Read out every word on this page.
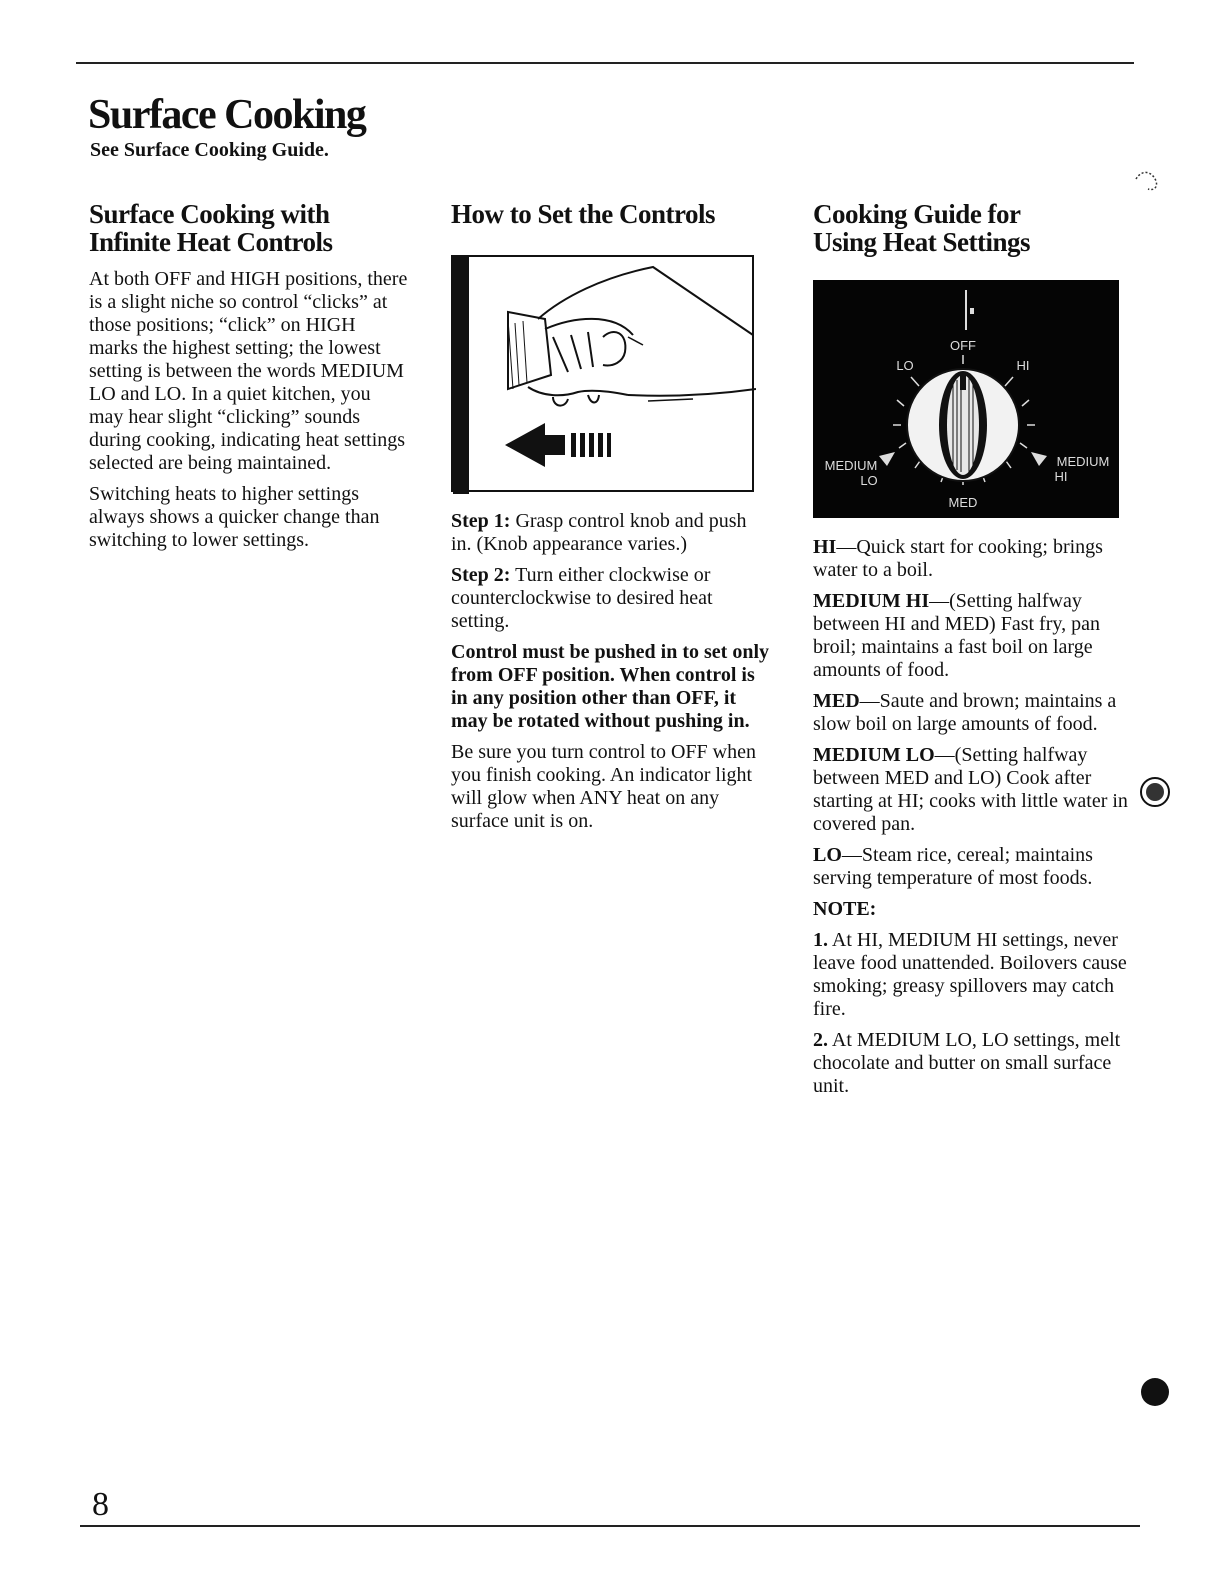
Surface Cooking
See Surface Cooking Guide.
Surface Cooking with
Infinite Heat Controls

At both OFF and HIGH positions, there is a slight niche so control “clicks” at those positions; “click” on HIGH marks the highest setting; the lowest setting is between the words MEDIUM LO and LO. In a quiet kitchen, you may hear slight “clicking” sounds during cooking, indicating heat settings selected are being maintained.

Switching heats to higher settings always shows a quicker change than switching to lower settings.

How to Set the Controls

Step 1: Grasp control knob and push in. (Knob appearance varies.)

Step 2: Turn either clockwise or counterclockwise to desired heat setting.

Control must be pushed in to set only from OFF position. When control is in any position other than OFF, it may be rotated without pushing in.

Be sure you turn control to OFF when you finish cooking. An indicator light will glow when ANY heat on any surface unit is on.

Cooking Guide for
Using Heat Settings
OFF
LO	HI
MEDIUM
LO
MEDIUM
HI
MED

HI—Quick start for cooking; brings water to a boil.

MEDIUM HI—(Setting halfway between HI and MED) Fast fry, pan broil; maintains a fast boil on large amounts of food.

MED—Saute and brown; maintains a slow boil on large amounts of food.

MEDIUM LO—(Setting halfway between MED and LO) Cook after starting at HI; cooks with little water in covered pan.

LO—Steam rice, cereal; maintains serving temperature of most foods.

NOTE:

1. At HI, MEDIUM HI settings, never leave food unattended. Boilovers cause smoking; greasy spillovers may catch fire.

2. At MEDIUM LO, LO settings, melt chocolate and butter on small surface unit.

8
